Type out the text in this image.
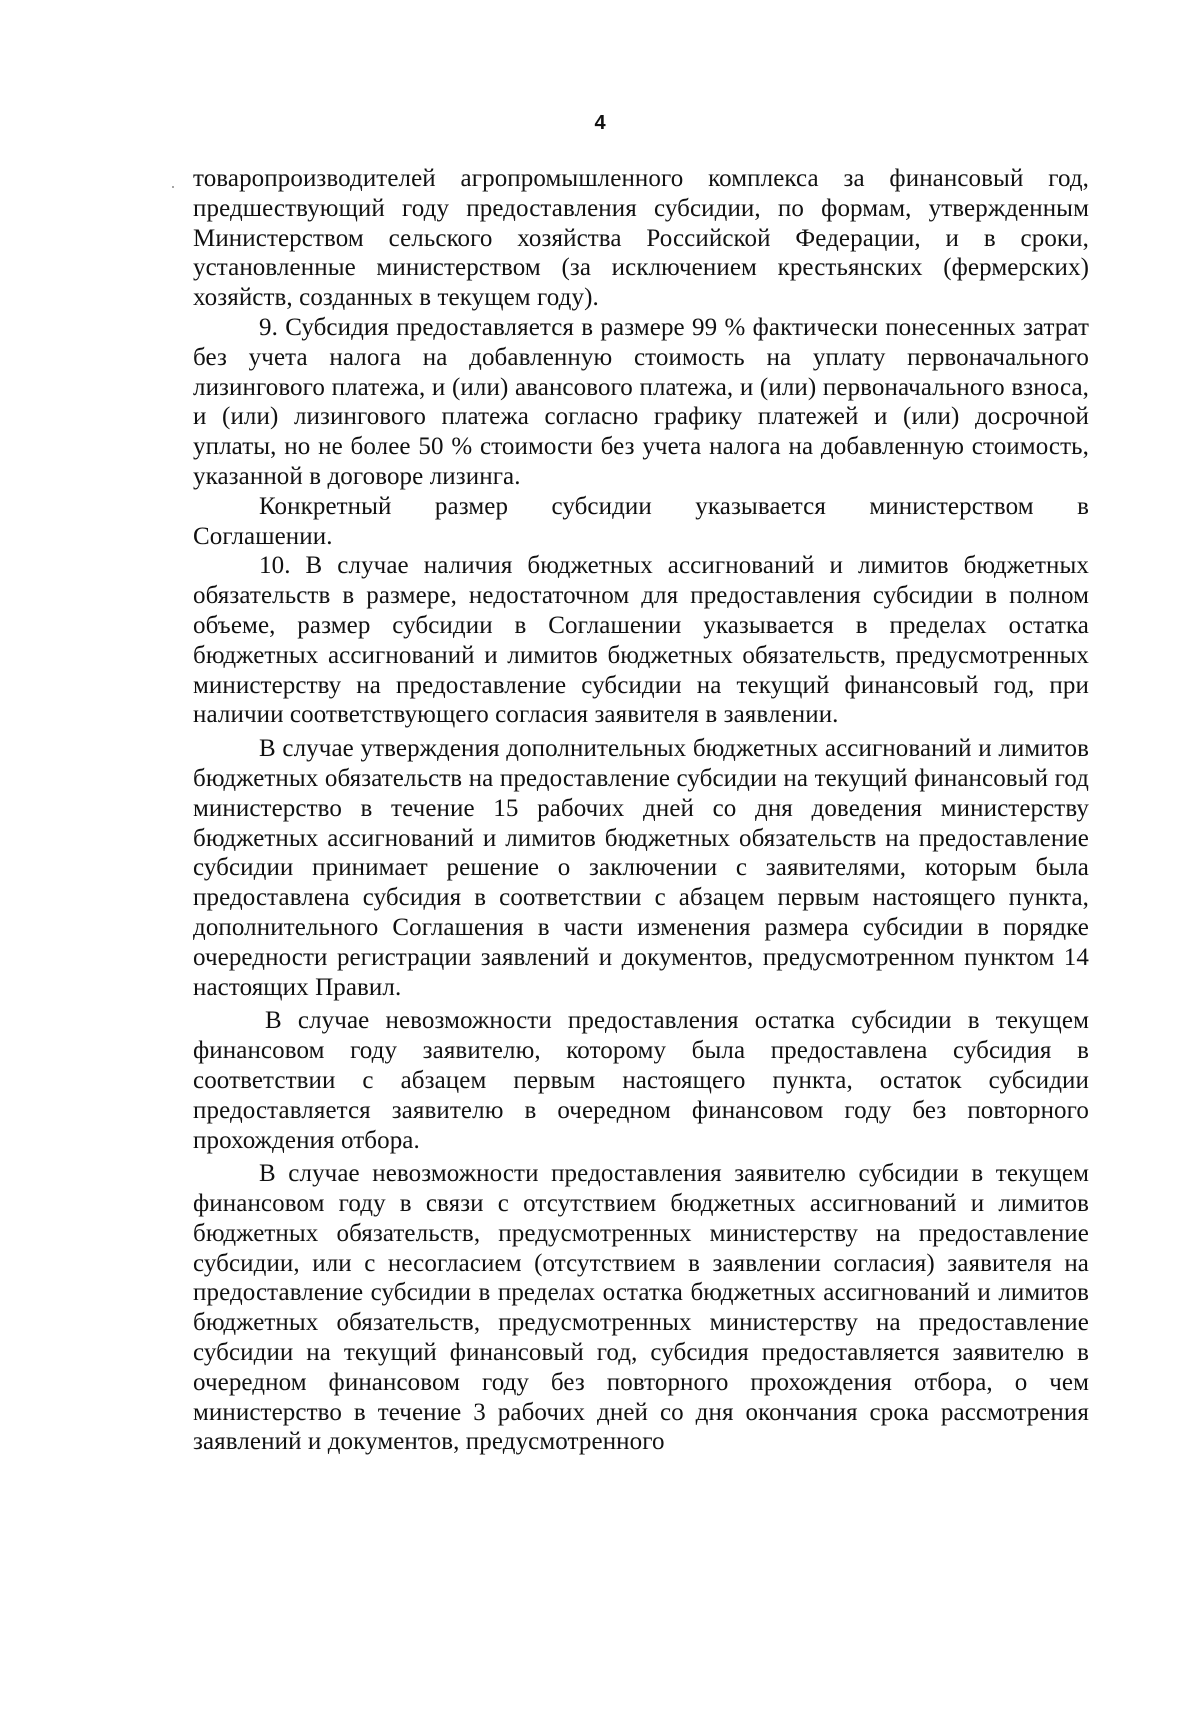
4

товаропроизводителей агропромышленного комплекса за финансовый год, предшествующий году предоставления субсидии, по формам, утвержденным Министерством сельского хозяйства Российской Федерации, и в сроки, установленные министерством (за исключением крестьянских (фермерских) хозяйств, созданных в текущем году).

9. Субсидия предоставляется в размере 99 % фактически понесенных затрат без учета налога на добавленную стоимость на уплату первоначального лизингового платежа, и (или) авансового платежа, и (или) первоначального взноса, и (или) лизингового платежа согласно графику платежей и (или) досрочной уплаты, но не более 50 % стоимости без учета налога на добавленную стоимость, указанной в договоре лизинга.

Конкретный размер субсидии указывается министерством в

Соглашении.

10. В случае наличия бюджетных ассигнований и лимитов бюджетных обязательств в размере, недостаточном для предоставления субсидии в полном объеме, размер субсидии в Соглашении указывается в пределах остатка бюджетных ассигнований и лимитов бюджетных обязательств, предусмотренных министерству на предоставление субсидии на текущий финансовый год, при наличии соответствующего согласия заявителя в заявлении.

В случае утверждения дополнительных бюджетных ассигнований и лимитов бюджетных обязательств на предоставление субсидии на текущий финансовый год министерство в течение 15 рабочих дней со дня доведения министерству бюджетных ассигнований и лимитов бюджетных обязательств на предоставление субсидии принимает решение о заключении с заявителями, которым была предоставлена субсидия в соответствии с абзацем первым настоящего пункта, дополнительного Соглашения в части изменения размера субсидии в порядке очередности регистрации заявлений и документов, предусмотренном пунктом 14 настоящих Правил.

В случае невозможности предоставления остатка субсидии в текущем финансовом году заявителю, которому была предоставлена субсидия в соответствии с абзацем первым настоящего пункта, остаток субсидии предоставляется заявителю в очередном финансовом году без повторного прохождения отбора.

В случае невозможности предоставления заявителю субсидии в текущем финансовом году в связи с отсутствием бюджетных ассигнований и лимитов бюджетных обязательств, предусмотренных министерству на предоставление субсидии, или с несогласием (отсутствием в заявлении согласия) заявителя на предоставление субсидии в пределах остатка бюджетных ассигнований и лимитов бюджетных обязательств, предусмотренных министерству на предоставление субсидии на текущий финансовый год, субсидия предоставляется заявителю в очередном финансовом году без повторного прохождения отбора, о чем министерство в течение 3 рабочих дней со дня окончания срока рассмотрения заявлений и документов, предусмотренного
